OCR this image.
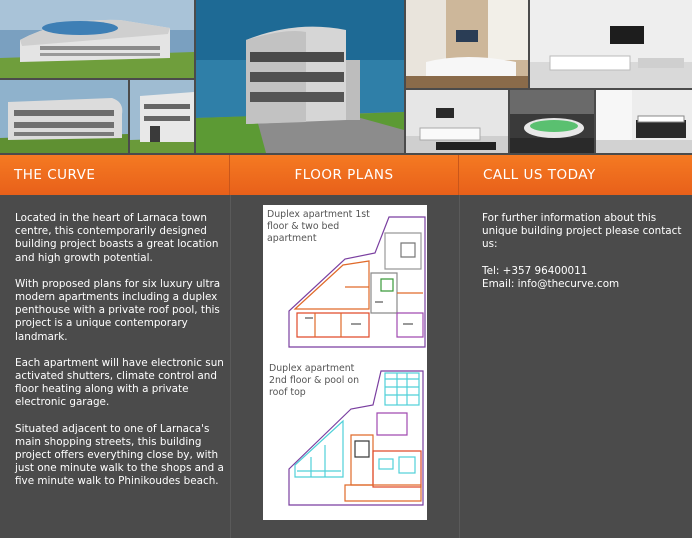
THE CURVE	FLOOR PLANS	CALL US TODAY

Located in the heart of Larnaca town centre, this contemporarily designed building project boasts a great location and high growth potential.

With proposed plans for six luxury ultra modern apartments including a duplex penthouse with a private roof pool, this project is a unique contemporary landmark.

Each apartment will have electronic sun activated shutters, climate control and floor heating along with a private electronic garage.

Situated adjacent to one of Larnaca's main shopping streets, this building project offers everything close by, with just one minute walk to the shops and a five minute walk to Phinikoudes beach.

Duplex apartment 1st floor & two bed apartment
Duplex apartment 2nd floor & pool on roof top

For further information about this unique building project please contact us:

Tel: +357 96400011
Email: info@thecurve.com
